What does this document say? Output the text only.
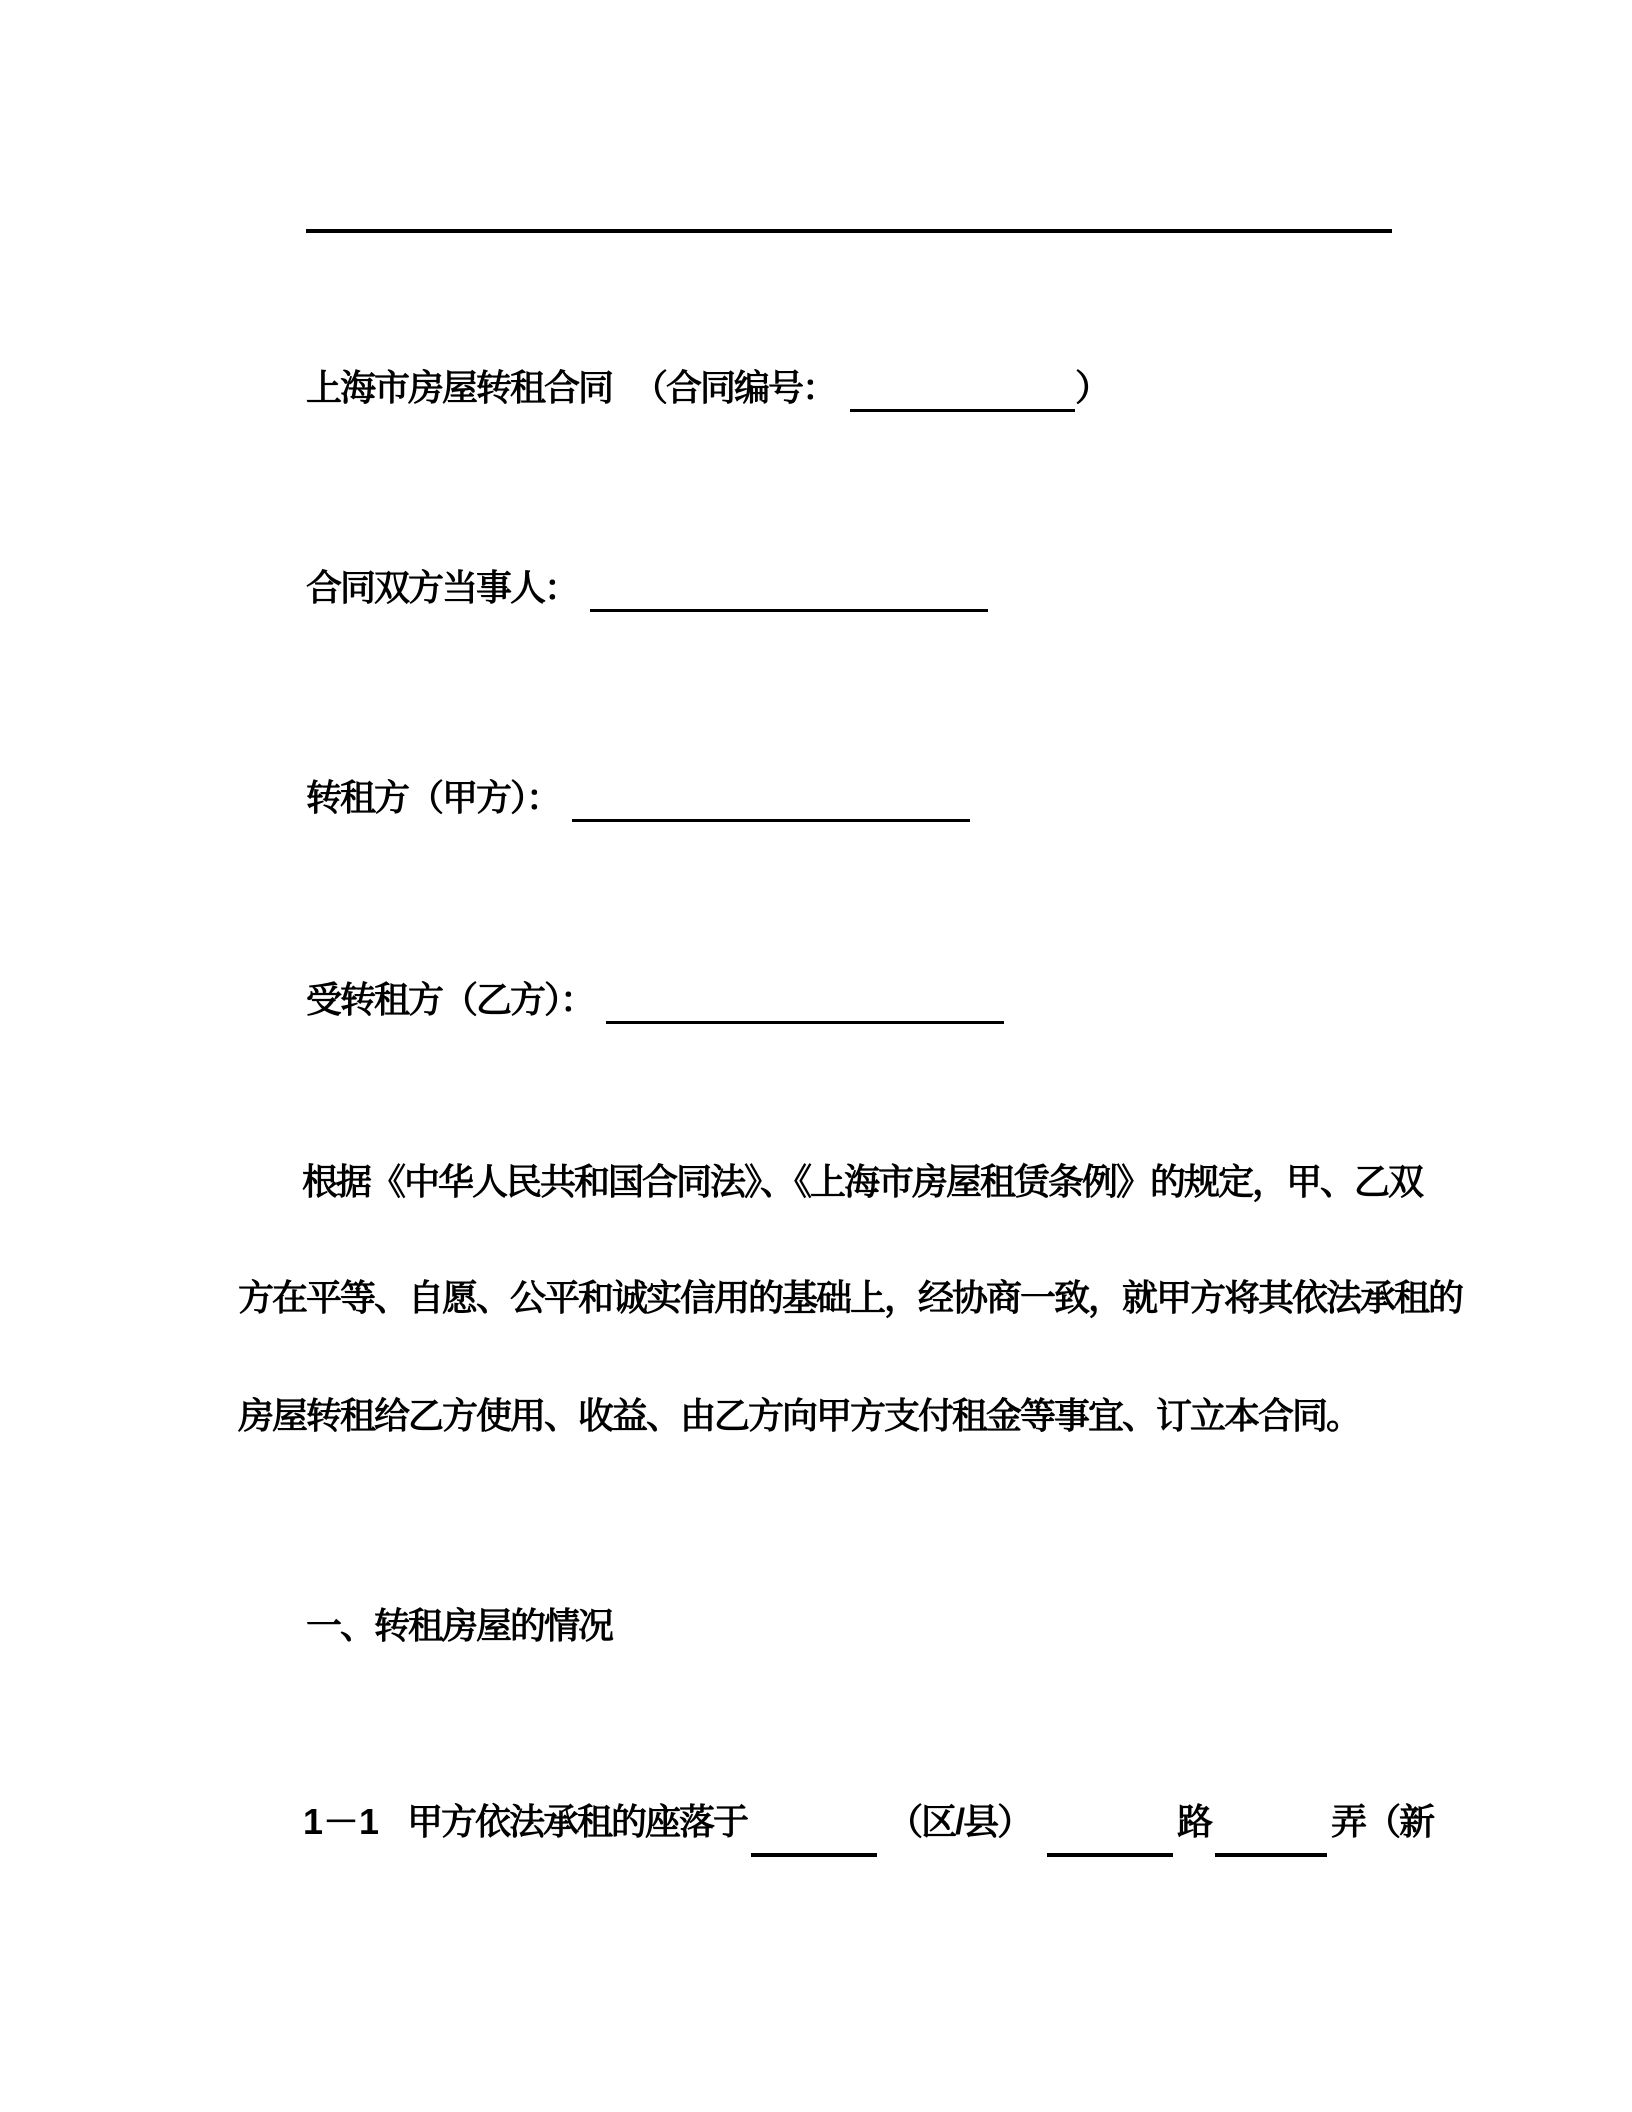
上海市房屋转租合同 （合同编号：	）
合同双方当事人：
转租方（甲方）：
受转租方（乙方）：
根据《中华人民共和国合同法》、《上海市房屋租赁条例》的规定，甲、乙双
方在平等、自愿、公平和诚实信用的基础上，经协商一致，就甲方将其依法承租的
房屋转租给乙方使用、收益、由乙方向甲方支付租金等事宜、订立本合同。
一、转租房屋的情况
1－1 甲方依法承租的座落于	（区/县）	路	弄（新
